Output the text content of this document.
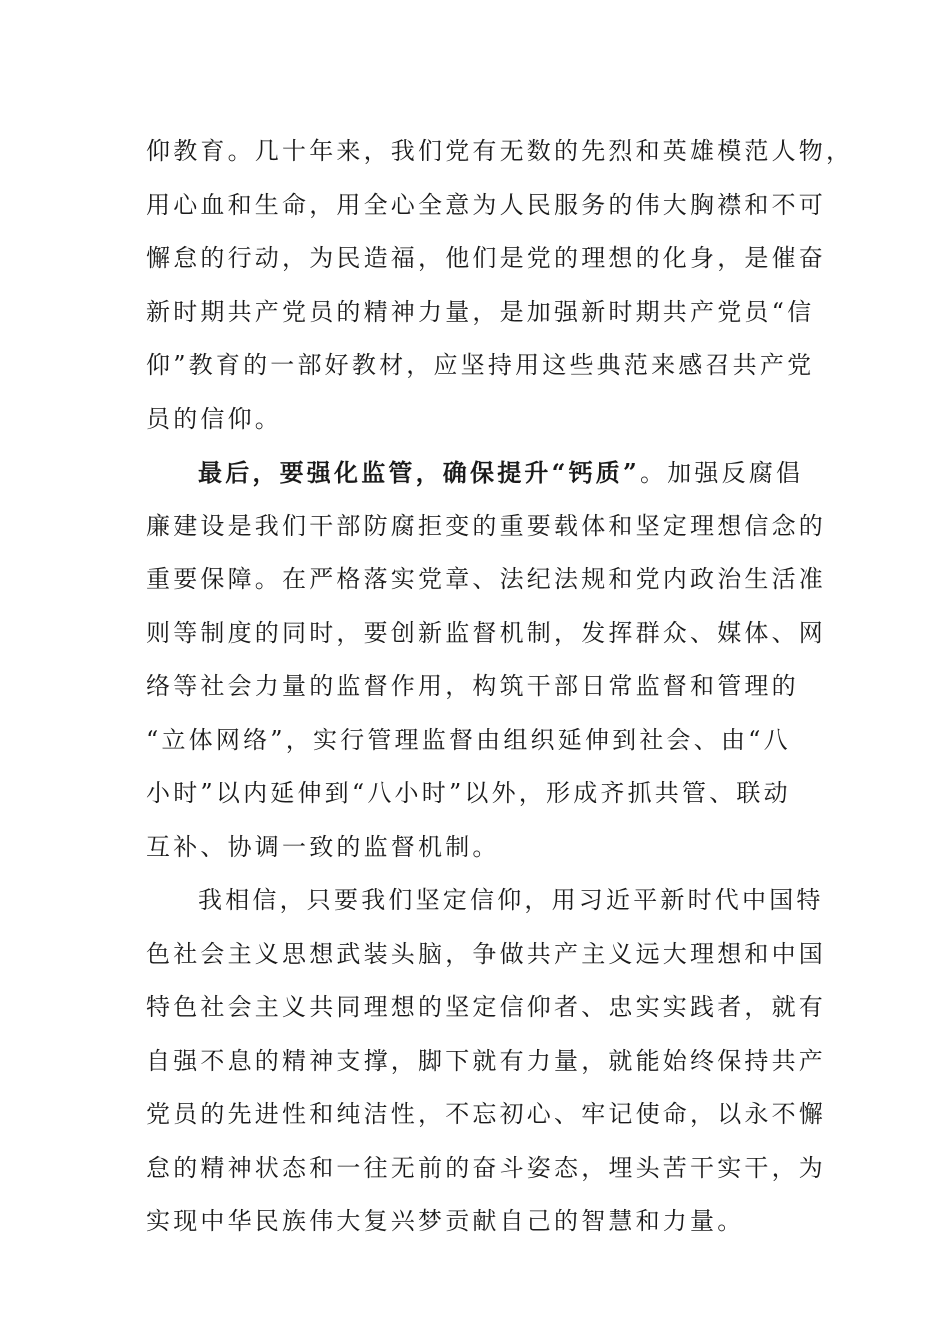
仰教育。几十年来，我们党有无数的先烈和英雄模范人物，
用心血和生命，用全心全意为人民服务的伟大胸襟和不可
懈怠的行动，为民造福，他们是党的理想的化身，是催奋
新时期共产党员的精神力量，是加强新时期共产党员“信
仰”教育的一部好教材，应坚持用这些典范来感召共产党
员的信仰。
最后，要强化监管，确保提升“钙质”。加强反腐倡
廉建设是我们干部防腐拒变的重要载体和坚定理想信念的
重要保障。在严格落实党章、法纪法规和党内政治生活准
则等制度的同时，要创新监督机制，发挥群众、媒体、网
络等社会力量的监督作用，构筑干部日常监督和管理的
“立体网络”，实行管理监督由组织延伸到社会、由“八
小时”以内延伸到“八小时”以外，形成齐抓共管、联动
互补、协调一致的监督机制。
我相信，只要我们坚定信仰，用习近平新时代中国特
色社会主义思想武装头脑，争做共产主义远大理想和中国
特色社会主义共同理想的坚定信仰者、忠实实践者，就有
自强不息的精神支撑，脚下就有力量，就能始终保持共产
党员的先进性和纯洁性，不忘初心、牢记使命，以永不懈
怠的精神状态和一往无前的奋斗姿态，埋头苦干实干，为
实现中华民族伟大复兴梦贡献自己的智慧和力量。
